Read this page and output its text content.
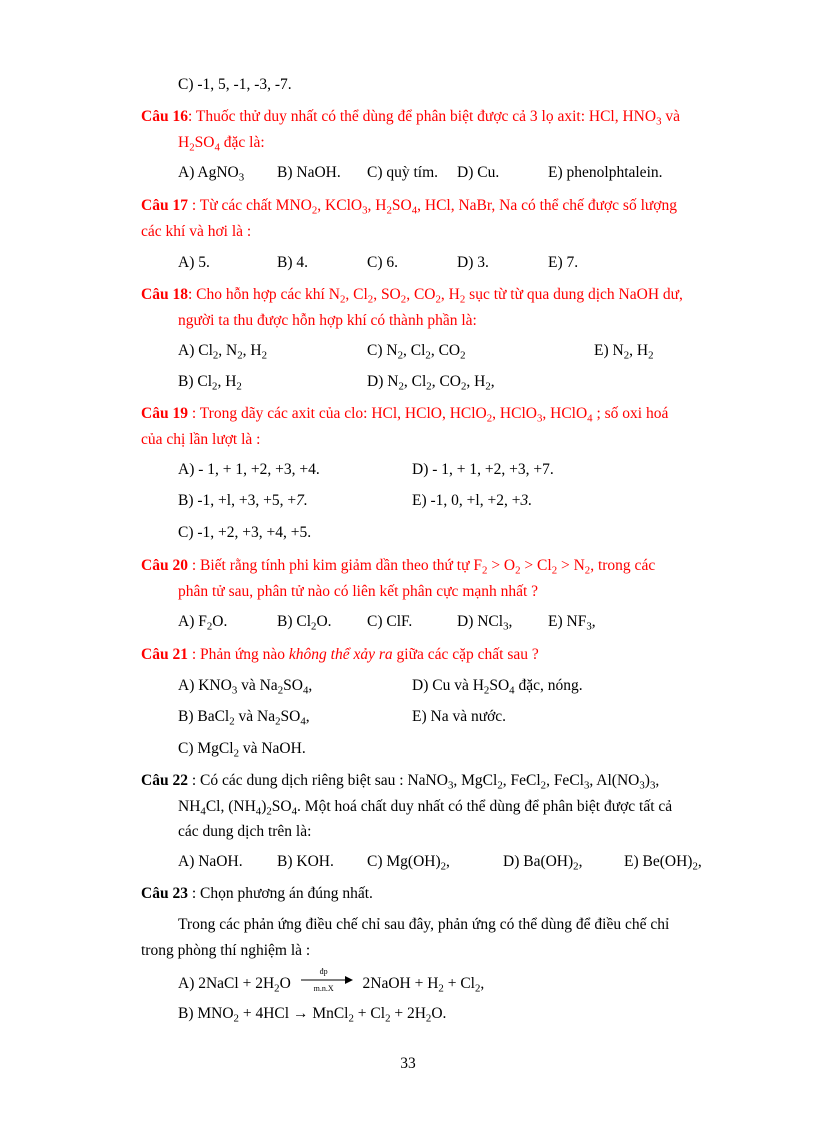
C) -1, 5, -1, -3, -7.
Câu 16: Thuốc thử duy nhất có thể dùng để phân biệt được cả 3 lọ axit: HCl, $HNO_3$ và
$H_2SO_4$ đặc là:
A) AgNO$_3$ B) NaOH. C) quỳ tím. D) Cu.	E) phenolphtalein.
Câu 17 : Từ các chất $MNO_2$, KClO$_3$, $H_2SO_4$, HCl, NaBr, Na có thể chế được số lượng
các khí và hơi là :
A) 5.	B) 4.	C) 6.	D) 3.	E) 7.
Câu 18: Cho hỗn hợp các khí $N_2$, $Cl_2$, $SO_2$, $CO_2$, $H_2$ sục từ từ qua dung dịch NaOH dư,
người ta thu được hỗn hợp khí có thành phần là:
A) $Cl_2$, $N_2$, $H_2$	C) $N_2$, $Cl_2$, $CO_2$	E) $N_2$, $H_2$
B) $Cl_2$, $H_2$	D) $N_2$, $Cl_2$, $CO_2$, $H_2$,
Câu 19 : Trong dãy các axit của clo: HCl, HClO, HClO$_2$, HClO$_3$, HClO$_4$ ; số oxi hoá
của chị lần lượt là :
A) - 1, + 1, +2, +3, +4.	D) - 1, + 1, +2, +3, +7.
B) -1, +l, +3, +5, +7.	E) -1, 0, +l, +2, +3.
C) -1, +2, +3, +4, +5.
Câu 20 : Biết rằng tính phi kim giảm dần theo thứ tự $F_2 > O_2 > Cl_2 > N_2$, trong các
phân tử sau, phân tử nào có liên kết phân cực mạnh nhất ?
A) $F_2O$.	B) $Cl_2O$. C) ClF.	D) NCl$_3$, E) $NF_3$,
Câu 21 : Phản ứng nào không thể xảy ra giữa các cặp chất sau ?
A) $KNO_3$ và $Na_2SO_4$,	D) Cu và $H_2SO_4$ đặc, nóng.
B) BaCl$_2$ và $Na_2SO_4$,	E) Na và nước.
C) MgCl$_2$ và NaOH.
Câu 22 : Có các dung dịch riêng biệt sau : NaNO$_3$, MgCl$_2$, FeCl$_2$, FeCl$_3$, $Al(NO_3)_3$,
$NH_4Cl$, $(NH_4)_2SO_4$. Một hoá chất duy nhất có thể dùng để phân biệt được tất cả
các dung dịch trên là:
A) NaOH. B) KOH. C) $Mg(OH)_2$,	D) $Ba(OH)_2$,	E) $Be(OH)_2$,
Câu 23 : Chọn phương án đúng nhất.
Trong các phản ứng điều chế chỉ sau đây, phản ứng có thể dùng để điều chế chỉ
trong phòng thí nghiệm là :
A) 2NaCl + $2H_2O$
đp
m.n.X	2NaOH + $H_2 + Cl_2$,
B) $MNO_2 + 4HCl$ → MnCl$_2$ + $Cl_2 + 2H_2O$.
33
